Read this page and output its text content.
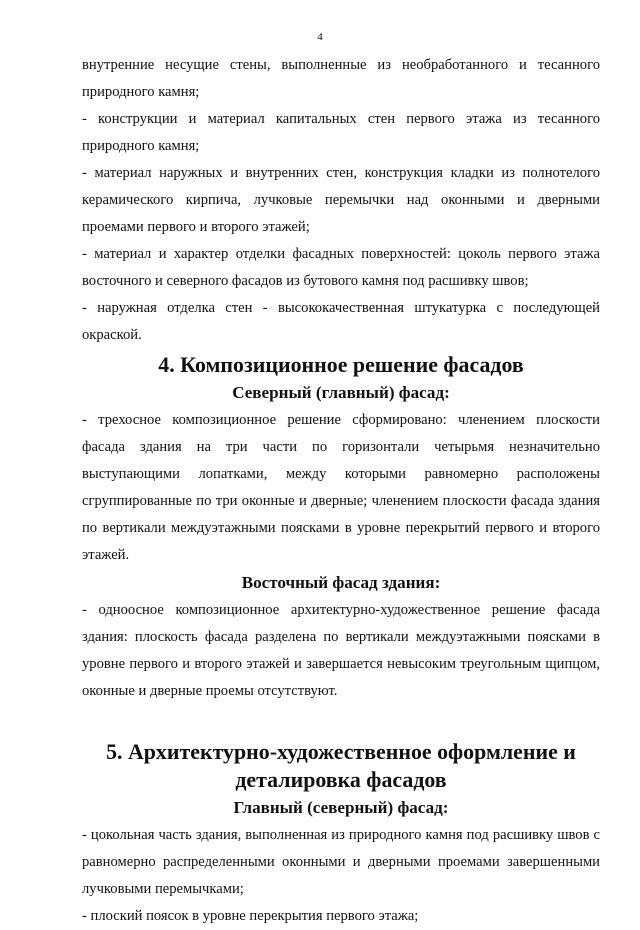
4

внутренние несущие стены, выполненные из необработанного и тесанного природного камня;

- конструкции и материал капитальных стен первого этажа из тесанного природного камня;

- материал наружных и внутренних стен, конструкция кладки из полнотелого керамического кирпича, лучковые перемычки над оконными и дверными проемами первого и второго этажей;

- материал и характер отделки фасадных поверхностей: цоколь первого этажа восточного и северного фасадов из бутового камня под расшивку швов;

- наружная отделка стен - высококачественная штукатурка с последующей окраской.

4. Композиционное решение фасадов
Северный (главный) фасад:

- трехосное композиционное решение сформировано: членением плоскости фасада здания на три части по горизонтали четырьмя незначительно выступающими лопатками, между которыми равномерно расположены сгруппированные по три оконные и дверные; членением плоскости фасада здания по вертикали междуэтажными поясками в уровне перекрытий первого и второго этажей.

Восточный фасад здания:

- одноосное композиционное архитектурно-художественное решение фасада здания: плоскость фасада разделена по вертикали междуэтажными поясками в уровне первого и второго этажей и завершается невысоким треугольным щипцом, оконные и дверные проемы отсутствуют.

5. Архитектурно-художественное оформление и деталировка фасадов
Главный (северный) фасад:

- цокольная часть здания, выполненная из природного камня под расшивку швов с равномерно распределенными оконными и дверными проемами завершенными лучковыми перемычками;

- плоский поясок в уровне перекрытия первого этажа;
